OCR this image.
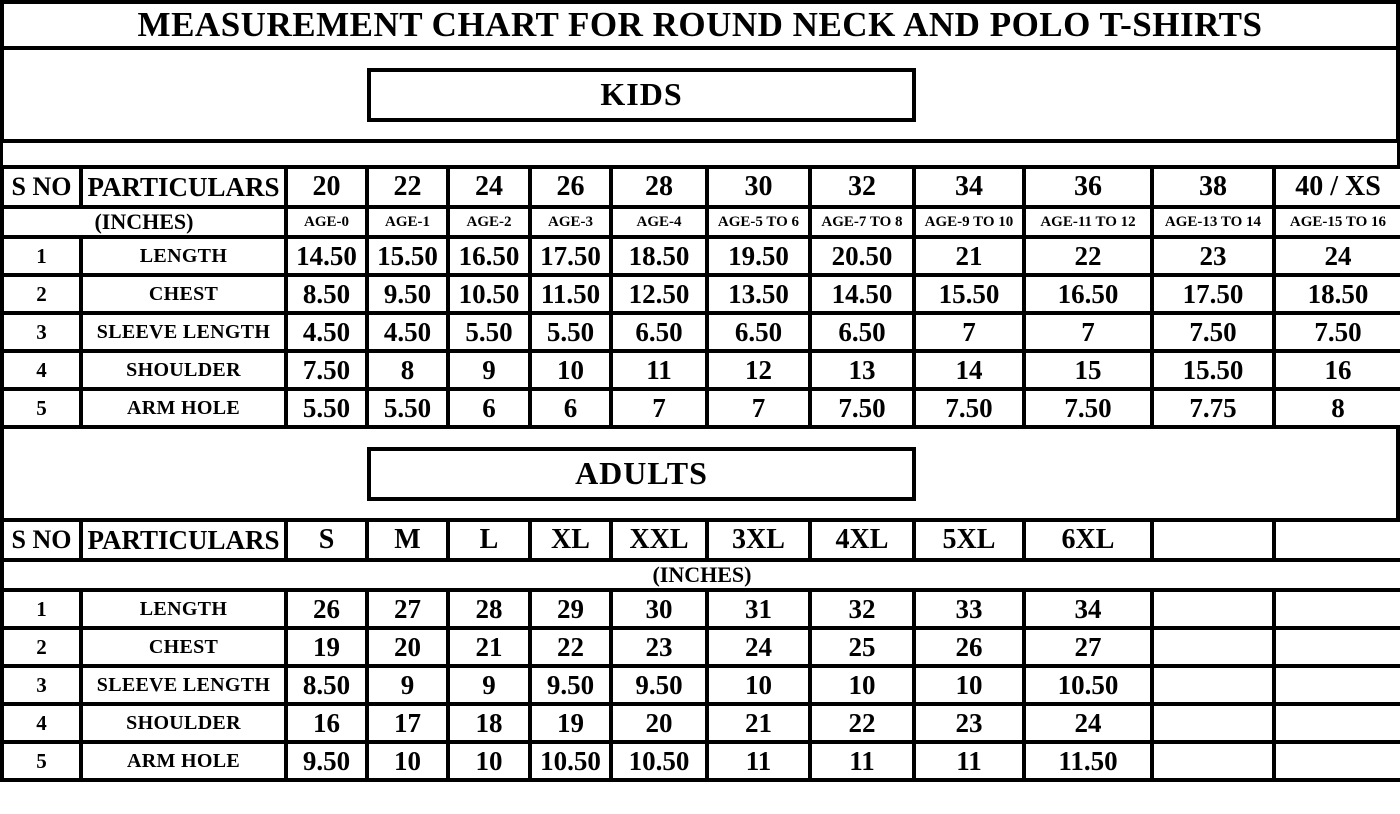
MEASUREMENT CHART FOR ROUND NECK AND POLO T-SHIRTS
KIDS
S NO	PARTICULARS	20	22	24	26	28	30	32	34	36	38	40 / XS
(INCHES)		AGE-0	AGE-1	AGE-2	AGE-3	AGE-4	AGE-5 TO 6	AGE-7 TO 8	AGE-9 TO 10	AGE-11 TO 12	AGE-13 TO 14	AGE-15 TO 16
1	LENGTH	14.50	15.50	16.50	17.50	18.50	19.50	20.50	21	22	23	24
2	CHEST	8.50	9.50	10.50	11.50	12.50	13.50	14.50	15.50	16.50	17.50	18.50
3	SLEEVE LENGTH	4.50	4.50	5.50	5.50	6.50	6.50	6.50	7	7	7.50	7.50
4	SHOULDER	7.50	8	9	10	11	12	13	14	15	15.50	16
5	ARM HOLE	5.50	5.50	6	6	7	7	7.50	7.50	7.50	7.75	8
ADULTS
S NO	PARTICULARS	S	M	L	XL	XXL	3XL	4XL	5XL	6XL		
(INCHES)												
1	LENGTH	26	27	28	29	30	31	32	33	34		
2	CHEST	19	20	21	22	23	24	25	26	27		
3	SLEEVE LENGTH	8.50	9	9	9.50	9.50	10	10	10	10.50		
4	SHOULDER	16	17	18	19	20	21	22	23	24		
5	ARM HOLE	9.50	10	10	10.50	10.50	11	11	11	11.50		
